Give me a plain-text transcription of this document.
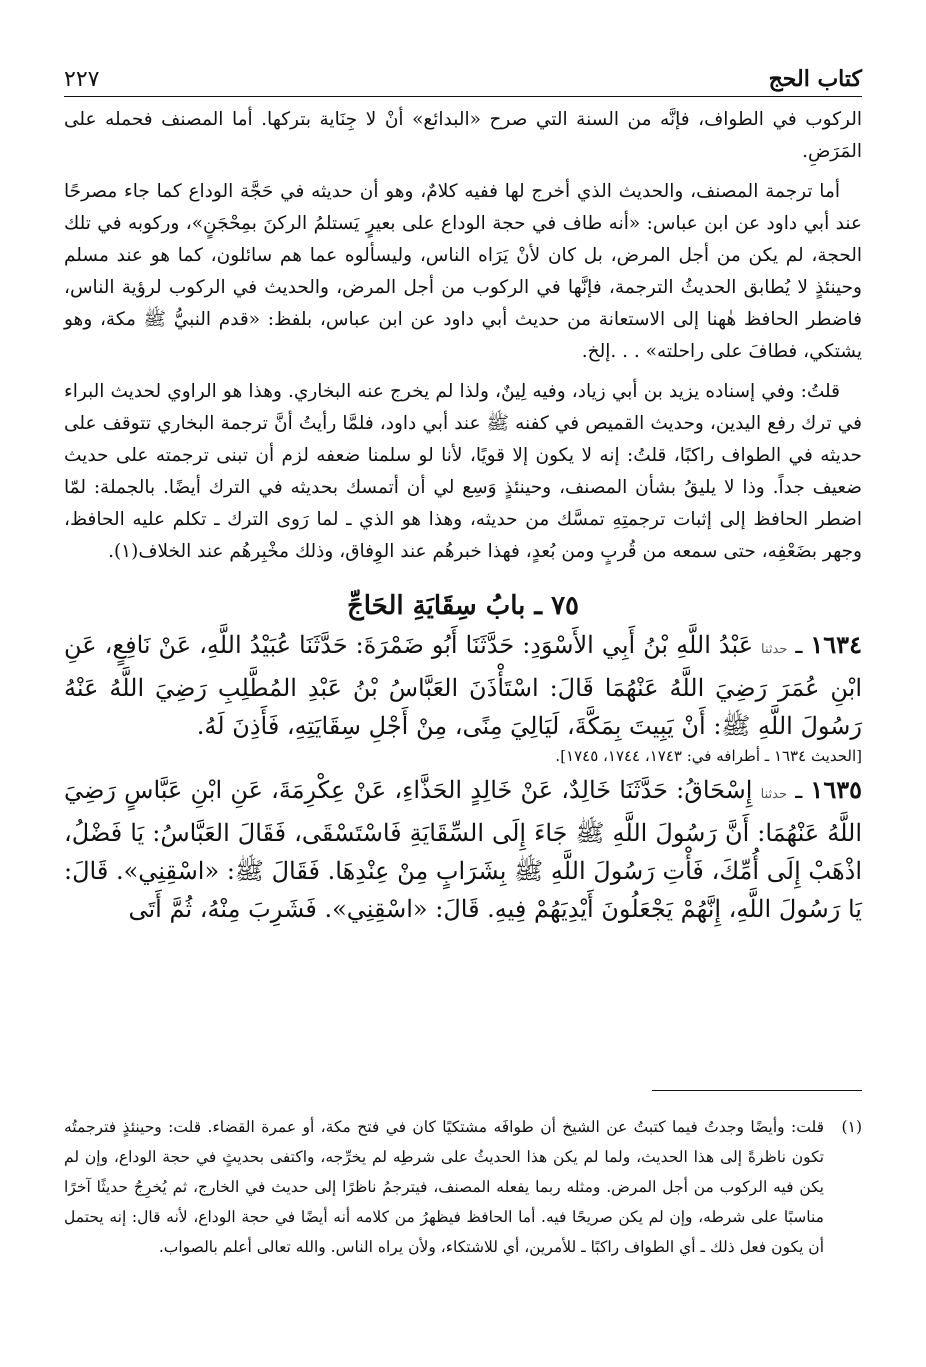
٢٢٧	كتاب الحج

الركوب في الطواف، فإنَّه من السنة التي صرح «البدائع» أنْ لا جِنَاية بتركها. أما المصنف فحمله على المَرَضِ.

أما ترجمة المصنف، والحديث الذي أخرج لها ففيه كلامٌ، وهو أن حديثه في حَجَّة الوداع كما جاء مصرحًا عند أبي داود عن ابن عباس: «أنه طاف في حجة الوداع على بعيرٍ يَستلمُ الركنَ بمِحْجَنٍ»، وركوبه في تلك الحجة، لم يكن من أجل المرض، بل كان لأنْ يَرَاه الناس، وليسألوه عما هم سائلون، كما هو عند مسلم وحينئذٍ لا يُطابق الحديثُ الترجمة، فإنَّها في الركوب من أجل المرض، والحديث في الركوب لرؤية الناس، فاضطر الحافظ هٰهنا إلى الاستعانة من حديث أبي داود عن ابن عباس، بلفظ: «قدم النبيُّ ﷺ مكة، وهو يشتكي، فطافَ على راحلته» . . .إلخ.

قلتُ: وفي إسناده يزيد بن أبي زياد، وفيه لِينٌ، ولذا لم يخرج عنه البخاري. وهذا هو الراوي لحديث البراء في ترك رفع اليدين، وحديث القميص في كفنه ﷺ عند أبي داود، فلمَّا رأيتُ أنَّ ترجمة البخاري تتوقف على حديثه في الطواف راكبًا، قلتُ: إنه لا يكون إلا قويًا، لأنا لو سلمنا ضعفه لزم أن تبنى ترجمته على حديث ضعيف جداً. وذا لا يليقُ بشأن المصنف، وحينئذٍ وَسِع لي أن أتمسك بحديثه في الترك أيضًا. بالجملة: لمّا اضطر الحافظ إلى إثبات ترجمتِهِ تمسَّك من حديثه، وهذا هو الذي ـ لما رَوى الترك ـ تكلم عليه الحافظ، وجهر بضَعْفِه، حتى سمعه من قُربٍ ومن بُعدٍ، فهذا خبرهُم عند الوِفاق، وذلك مخْبِرهُم عند الخلاف(١).

٧٥ ـ بابُ سِقَايَةِ الحَاجِّ

١٦٣٤ ـ حدثنا عَبْدُ اللَّهِ بْنُ أَبِي الأَسْوَدِ: حَدَّثَنَا أَبُو ضَمْرَةَ: حَدَّثَنَا عُبَيْدُ اللَّهِ، عَنْ نَافِعٍ، عَنِ ابْنِ عُمَرَ رَضِيَ اللَّهُ عَنْهُمَا قَالَ: اسْتَأْذَنَ العَبَّاسُ بْنُ عَبْدِ المُطَّلِبِ رَضِيَ اللَّهُ عَنْهُ رَسُولَ اللَّهِ ﷺ: أَنْ يَبِيتَ بِمَكَّةَ، لَيَالِيَ مِنًى، مِنْ أَجْلِ سِقَايَتِهِ، فَأَذِنَ لَهُ.
[الحديث ١٦٣٤ ـ أطرافه في: ١٧٤٣، ١٧٤٤، ١٧٤٥].

١٦٣٥ ـ حدثنا إِسْحَاقُ: حَدَّثَنَا خَالِدٌ، عَنْ خَالِدٍ الحَذَّاءِ، عَنْ عِكْرِمَةَ، عَنِ ابْنِ عَبَّاسٍ رَضِيَ اللَّهُ عَنْهُمَا: أَنَّ رَسُولَ اللَّهِ ﷺ جَاءَ إِلَى السِّقَايَةِ فَاسْتَسْقَى، فَقَالَ العَبَّاسُ: يَا فَضْلُ، اذْهَبْ إِلَى أُمِّكَ، فَأْتِ رَسُولَ اللَّهِ ﷺ بِشَرَابٍ مِنْ عِنْدِهَا. فَقَالَ ﷺ: «اسْقِنِي». قَالَ: يَا رَسُولَ اللَّهِ، إِنَّهُمْ يَجْعَلُونَ أَيْدِيَهُمْ فِيهِ. قَالَ: «اسْقِنِي». فَشَرِبَ مِنْهُ، ثُمَّ أَتَى

(١)
قلت: وأيضًا وجدتُ فيما كتبتُ عن الشيخ أن طوافَه مشتكيًا كان في فتح مكة، أو عمرة القضاء. قلت: وحينئذٍ فترجمتُه تكون ناظرةً إلى هذا الحديث، ولما لم يكن هذا الحديثُ على شرطِه لم يخرِّجه، واكتفى بحديثٍ في حجة الوداع، وإن لم يكن فيه الركوب من أجل المرض. ومثله ربما يفعله المصنف، فيترجمُ ناظرًا إلى حديث في الخارج، ثم يُخرِجُ حديثًا آخرًا مناسبًا على شرطه، وإن لم يكن صريحًا فيه. أما الحافظ فيظهرُ من كلامه أنه أيضًا في حجة الوداع، لأنه قال: إنه يحتمل أن يكون فعل ذلك ـ أي الطواف راكبًا ـ للأمرين، أي للاشتكاء، ولأن يراه الناس. والله تعالى أعلم بالصواب.
